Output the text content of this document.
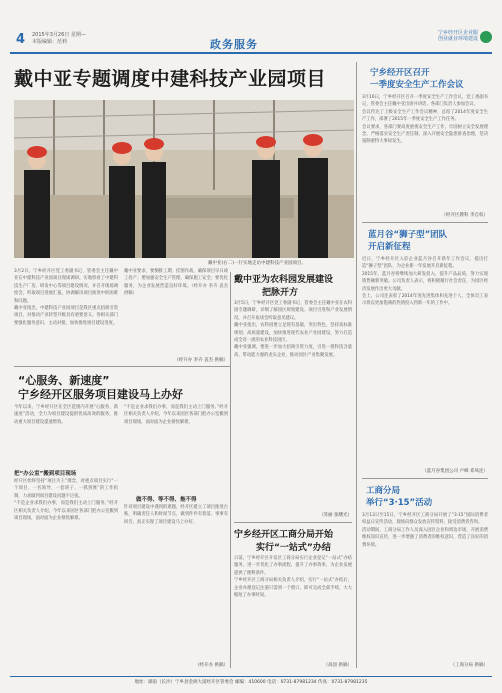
4 2015年3月26日 星期—
本版编辑：范莉	政务服务
宁乡经开区企业服
创业就业环境建设
戴中亚专题调度中建科技产业园项目
戴中亚(右二)一行实地走访中建科技产业园项目。

3月2日，宁乡经开区党工委副书记、管委会主任戴中亚在中建科技产业园项目现场调研。实地察看了中建科技生产厂房、研发中心等项目建设情况，并召开现场调度会，听取项目进展汇报，协调解决项目推进中的困难和问题。

戴中亚指出，中建科技产业园项目是我区重点招商引资项目，对推动产业转型升级具有重要意义。各相关部门要强化服务意识，主动对接，加快推进项目建设进度。

戴中亚要求，要倒排工期、挂图作战，确保项目早日竣工投产；要加强安全生产管理，确保施工安全；要优化服务，为企业发展营造良好环境。（经开办 李卉 袁杰 供稿）

（经开办 李卉 袁杰 供稿）
“心服务、新速度”
宁乡经开区服务项目建设马上办好

今年以来，宁乡经开区在全区范围内开展“心服务、新速度”活动，全力为项目建设提供优质高效的服务，推动重大项目建设提速增效。

把“办公室”搬到项目现场

经开区始终坚持“项目为王”理念，对重点项目实行“一个项目、一名领导、一套班子、一抓到底”的工作机制，力求做到项目建设问题不过夜。

“不是企业求我们办事，而是我们主动上门服务。”经开区相关负责人介绍，今年以来园区各部门把办公室搬到项目现场，面对面为企业排忧解难。

“不是企业求我们办事，而是我们主动上门服务。”经开区相关负责人介绍，今年以来园区各部门把办公室搬到项目现场，面对面为企业排忧解难。

做不得、等不得、拖不得

针对项目建设中遇到的难题，经开区建立了项目推进台账，明确责任人和时间节点，做到件件有着落、事事有回音，真正实现了项目建设马上办好。

（经开办 供稿）
戴中亚为农科园发展建设
把脉开方

3月5日，宁乡经开区党工委副书记、管委会主任戴中亚在农科园专题调研，详细了解园区规划建设、项目引进和产业发展情况，并召开座谈会听取意见建议。

戴中亚指出，农科园要立足现有基础，突出特色，坚持高标准规划、高质量建设，加快推进现代农业产业园建设，努力打造成全省一流的农业科技园区。

戴中亚强调，要进一步加大招商引资力度，引进一批科技含量高、带动能力强的龙头企业，推动园区产业集聚发展。

（苏丽 张曙光）
宁乡经开区工商分局开始
实行“一站式”办结

日前，宁乡经开区开发区工商分局实行企业登记“一站式”办结服务，进一步优化了办事流程，提升了办事效率，为企业发展提供了便利条件。

宁乡经开区工商分局相关负责人介绍，实行“一站式”办结后，企业办理登记注册只需到一个窗口，即可完成全部手续，大大缩短了办事时间。

（高园 供稿）
宁乡经开区召开
一季度安全生产工作会议

3月16日，宁乡经开区召开一季度安全生产工作会议，党工委副书记、管委会主任戴中亚出席并讲话，各部门负责人参加会议。

会议传达了上级安全生产工作会议精神，总结了2014年度安全生产工作，部署了2015年一季度安全生产工作任务。

会议要求，各部门要高度重视安全生产工作，牢固树立安全发展理念，严格落实安全生产责任制，深入开展安全隐患排查治理，坚决遏制重特大事故发生。

（经开区教科 李自权）
蓝月谷“狮子型”团队
开启新征程

近日，宁乡经开区入驻企业蓝月谷召开新年工作会议，提出打造“狮子型”团队，为企业新一年发展开启新征程。

2015年，蓝月谷将继续加大研发投入，提升产品品质，努力实现销售额新突破。公司负责人表示，将积极履行社会责任，为园区经济发展作出更大贡献。

会上，公司还表彰了2014年度先进集体和先进个人，全体员工表示将以更加饱满的热情投入到新一年的工作中。

（蓝月谷集团公司 卢峰 邓凤连）
工商分局
举行“3·15”活动

3月13日至15日，宁乡经开区工商分局开展了“3·15”国际消费者权益日宣传活动，现场向群众发放宣传资料，接受消费者咨询。

活动期间，工商分局工作人员深入园区企业和周边市场，开展消费维权知识宣传，进一步增强了消费者的维权意识，营造了良好的消费环境。

（工商分局 供稿）
地址：湖南（长沙）宁乡县金洲大道经开区管委会 邮编：410600 电话：0731-87981234 传真：0731-87981235
